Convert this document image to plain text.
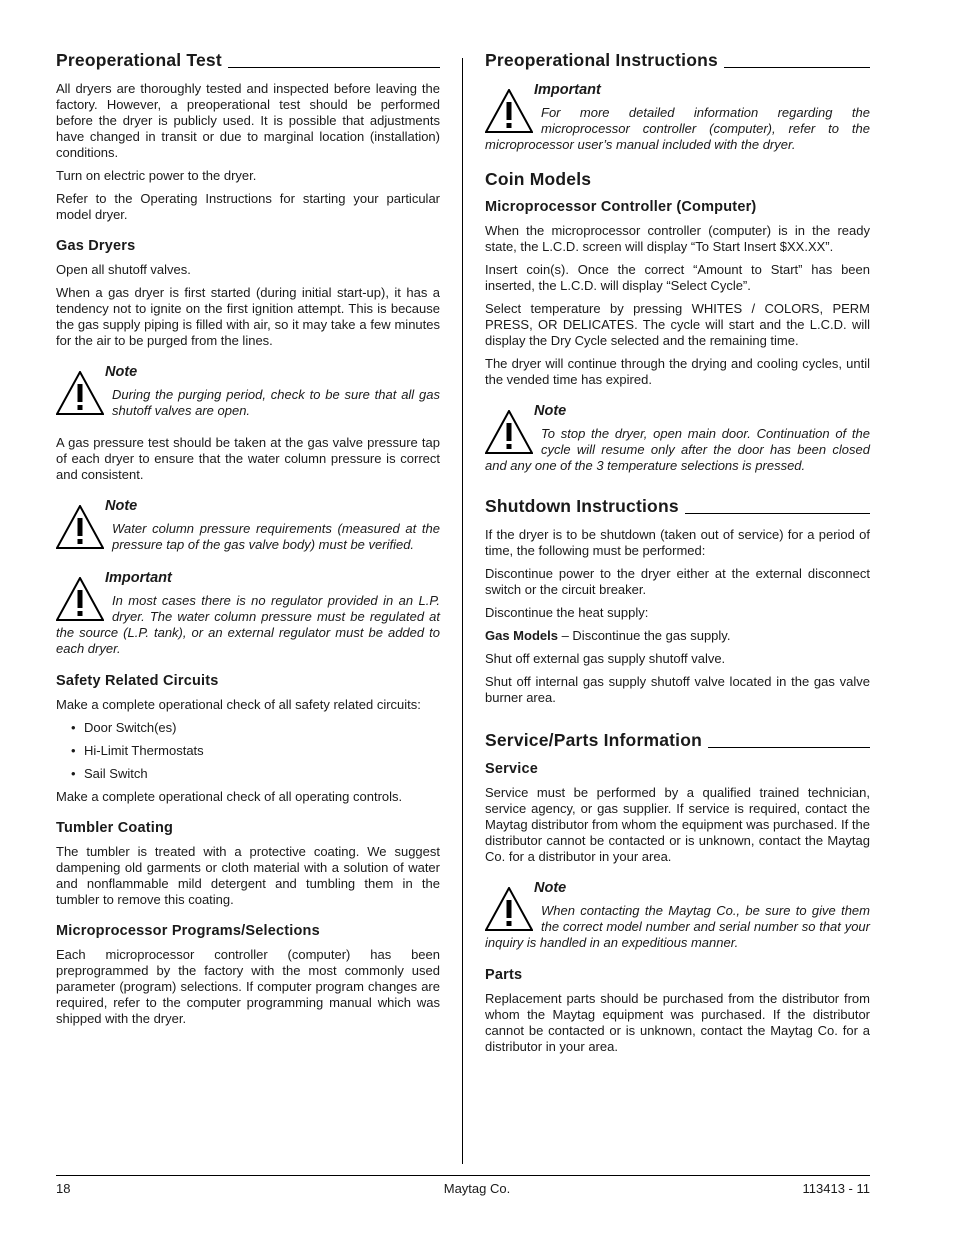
Preoperational Test

All dryers are thoroughly tested and inspected before leaving the factory. However, a preoperational test should be performed before the dryer is publicly used. It is possible that adjustments have changed in transit or due to marginal location (installation) conditions.

Turn on electric power to the dryer.

Refer to the Operating Instructions for starting your particular model dryer.

Gas Dryers

Open all shutoff valves.

When a gas dryer is first started (during initial start-up), it has a tendency not to ignite on the first ignition attempt. This is because the gas supply piping is filled with air, so it may take a few minutes for the air to be purged from the lines.

Note
During the purging period, check to be sure that all gas shutoff valves are open.

A gas pressure test should be taken at the gas valve pressure tap of each dryer to ensure that the water column pressure is correct and consistent.

Note
Water column pressure requirements (measured at the pressure tap of the gas valve body) must be verified.
Important
In most cases there is no regulator provided in an L.P. dryer. The water column pressure must be regulated at the source (L.P. tank), or an external regulator must be added to each dryer.
Safety Related Circuits

Make a complete operational check of all safety related circuits:

• Door Switch(es)
• Hi-Limit Thermostats
• Sail Switch

Make a complete operational check of all operating controls.

Tumbler Coating

The tumbler is treated with a protective coating. We suggest dampening old garments or cloth material with a solution of water and nonflammable mild detergent and tumbling them in the tumbler to remove this coating.

Microprocessor Programs/Selections

Each microprocessor controller (computer) has been preprogrammed by the factory with the most commonly used parameter (program) selections. If computer program changes are required, refer to the computer programming manual which was shipped with the dryer.

Preoperational Instructions
Important
For more detailed information regarding the microprocessor controller (computer), refer to the microprocessor user’s manual included with the dryer.
Coin Models
Microprocessor Controller (Computer)

When the microprocessor controller (computer) is in the ready state, the L.C.D. screen will display “To Start Insert $XX.XX”.

Insert coin(s). Once the correct “Amount to Start” has been inserted, the L.C.D. will display “Select Cycle”.

Select temperature by pressing WHITES / COLORS, PERM PRESS, OR DELICATES. The cycle will start and the L.C.D. will display the Dry Cycle selected and the remaining time.

The dryer will continue through the drying and cooling cycles, until the vended time has expired.

Note
To stop the dryer, open main door. Continuation of the cycle will resume only after the door has been closed and any one of the 3 temperature selections is pressed.
Shutdown Instructions

If the dryer is to be shutdown (taken out of service) for a period of time, the following must be performed:

Discontinue power to the dryer either at the external disconnect switch or the circuit breaker.

Discontinue the heat supply:

Gas Models – Discontinue the gas supply.

Shut off external gas supply shutoff valve.

Shut off internal gas supply shutoff valve located in the gas valve burner area.

Service/Parts Information
Service

Service must be performed by a qualified trained technician, service agency, or gas supplier. If service is required, contact the Maytag distributor from whom the equipment was purchased. If the distributor cannot be contacted or is unknown, contact the Maytag Co. for a distributor in your area.

Note
When contacting the Maytag Co., be sure to give them the correct model number and serial number so that your inquiry is handled in an expeditious manner.
Parts

Replacement parts should be purchased from the distributor from whom the Maytag equipment was purchased. If the distributor cannot be contacted or is unknown, contact the Maytag Co. for a distributor in your area.

18	Maytag Co.	113413 - 11
